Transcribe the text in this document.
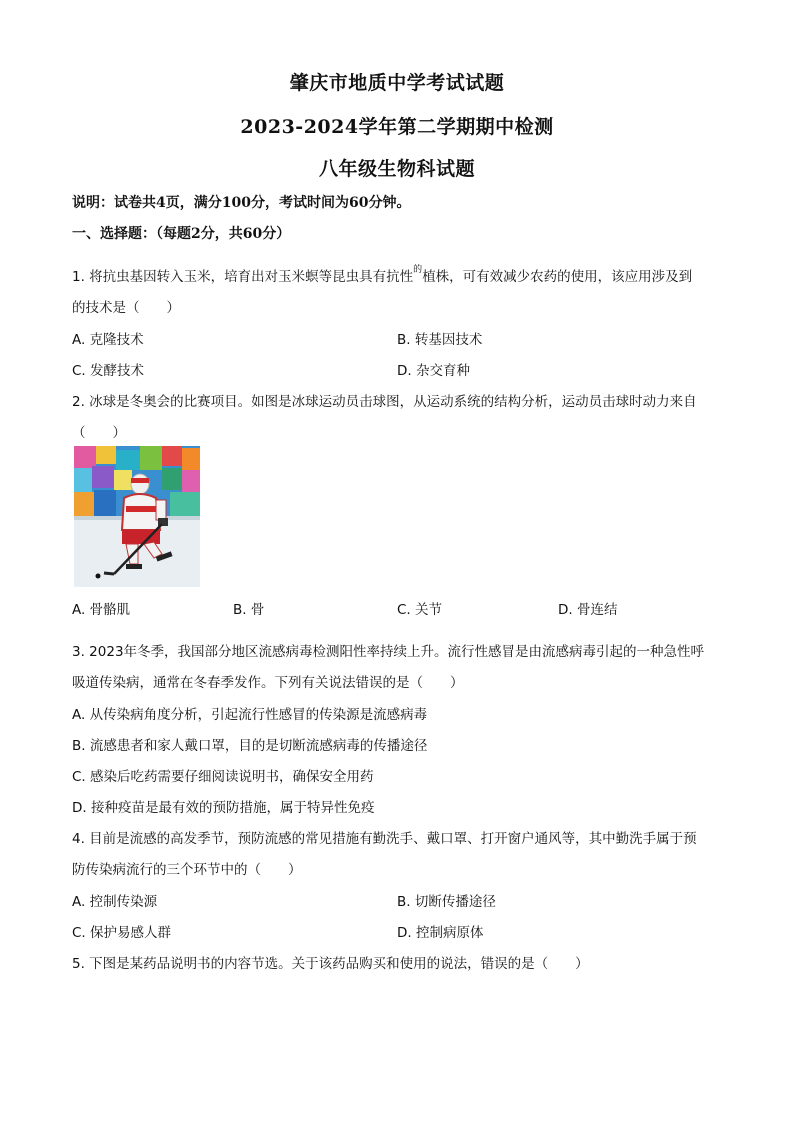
肇庆市地质中学考试试题
2023-2024学年第二学期期中检测
八年级生物科试题
说明：试卷共4页，满分100分，考试时间为60分钟。
一、选择题：（每题2分，共60分）
1. 将抗虫基因转入玉米，培育出对玉米螟等昆虫具有抗性$^的$植株，可有效减少农药的使用，该应用涉及到
的技术是（　　）
A. 克隆技术	B. 转基因技术
C. 发酵技术	D. 杂交育种
2. 冰球是冬奥会的比赛项目。如图是冰球运动员击球图，从运动系统的结构分析，运动员击球时动力来自
（　　）
A. 骨骼肌	B. 骨	C. 关节	D. 骨连结
3. 2023年冬季，我国部分地区流感病毒检测阳性率持续上升。流行性感冒是由流感病毒引起的一种急性呼
吸道传染病，通常在冬春季发作。下列有关说法错误的是（　　）
A. 从传染病角度分析，引起流行性感冒的传染源是流感病毒
B. 流感患者和家人戴口罩，目的是切断流感病毒的传播途径
C. 感染后吃药需要仔细阅读说明书，确保安全用药
D. 接种疫苗是最有效的预防措施，属于特异性免疫
4. 目前是流感的高发季节，预防流感的常见措施有勤洗手、戴口罩、打开窗户通风等，其中勤洗手属于预
防传染病流行的三个环节中的（　　）
A. 控制传染源	B. 切断传播途径
C. 保护易感人群	D. 控制病原体
5. 下图是某药品说明书的内容节选。关于该药品购买和使用的说法，错误的是（　　）
